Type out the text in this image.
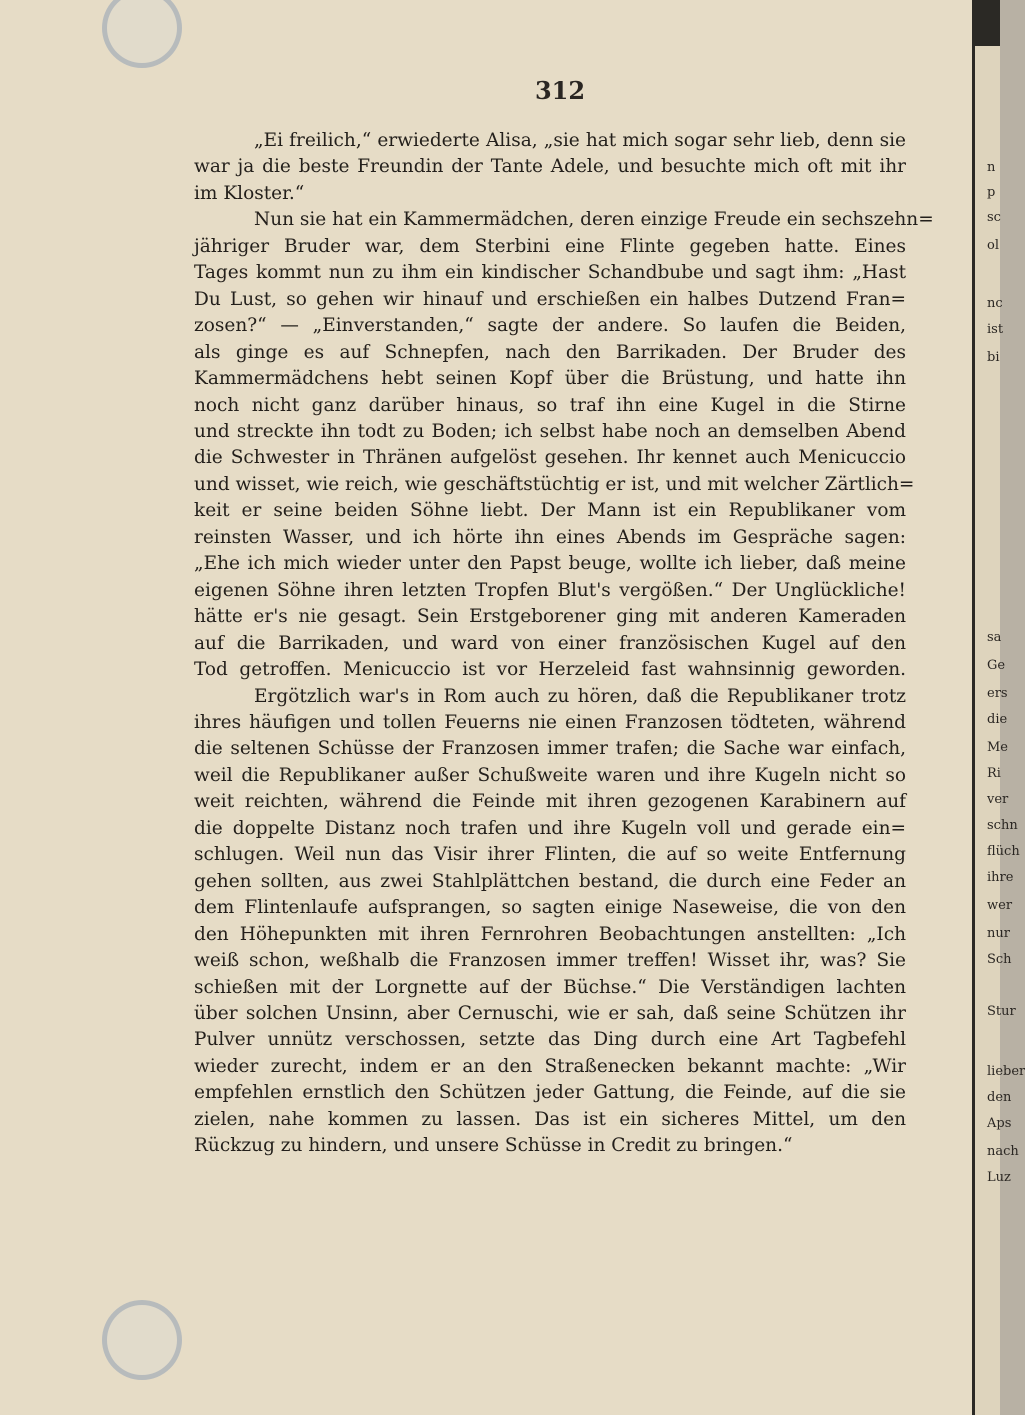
312
„Ei freilich,“ erwiederte Alisa, „sie hat mich sogar sehr lieb, denn sie
war ja die beste Freundin der Tante Adele, und besuchte mich oft mit ihr
im Kloster.“
Nun sie hat ein Kammermädchen, deren einzige Freude ein sechszehn=
jähriger Bruder war, dem Sterbini eine Flinte gegeben hatte. Eines
Tages kommt nun zu ihm ein kindischer Schandbube und sagt ihm: „Hast
Du Lust, so gehen wir hinauf und erschießen ein halbes Dutzend Fran=
zosen?“ — „Einverstanden,“ sagte der andere. So laufen die Beiden,
als ginge es auf Schnepfen, nach den Barrikaden. Der Bruder des
Kammermädchens hebt seinen Kopf über die Brüstung, und hatte ihn
noch nicht ganz darüber hinaus, so traf ihn eine Kugel in die Stirne
und streckte ihn todt zu Boden; ich selbst habe noch an demselben Abend
die Schwester in Thränen aufgelöst gesehen. Ihr kennet auch Menicuccio
und wisset, wie reich, wie geschäftstüchtig er ist, und mit welcher Zärtlich=
keit er seine beiden Söhne liebt. Der Mann ist ein Republikaner vom
reinsten Wasser, und ich hörte ihn eines Abends im Gespräche sagen:
„Ehe ich mich wieder unter den Papst beuge, wollte ich lieber, daß meine
eigenen Söhne ihren letzten Tropfen Blut's vergößen.“ Der Unglückliche!
hätte er's nie gesagt. Sein Erstgeborener ging mit anderen Kameraden
auf die Barrikaden, und ward von einer französischen Kugel auf den
Tod getroffen. Menicuccio ist vor Herzeleid fast wahnsinnig geworden.
Ergötzlich war's in Rom auch zu hören, daß die Republikaner trotz
ihres häufigen und tollen Feuerns nie einen Franzosen tödteten, während
die seltenen Schüsse der Franzosen immer trafen; die Sache war einfach,
weil die Republikaner außer Schußweite waren und ihre Kugeln nicht so
weit reichten, während die Feinde mit ihren gezogenen Karabinern auf
die doppelte Distanz noch trafen und ihre Kugeln voll und gerade ein=
schlugen. Weil nun das Visir ihrer Flinten, die auf so weite Entfernung
gehen sollten, aus zwei Stahlplättchen bestand, die durch eine Feder an
dem Flintenlaufe aufsprangen, so sagten einige Naseweise, die von den
den Höhepunkten mit ihren Fernrohren Beobachtungen anstellten: „Ich
weiß schon, weßhalb die Franzosen immer treffen! Wisset ihr, was? Sie
schießen mit der Lorgnette auf der Büchse.“ Die Verständigen lachten
über solchen Unsinn, aber Cernuschi, wie er sah, daß seine Schützen ihr
Pulver unnütz verschossen, setzte das Ding durch eine Art Tagbefehl
wieder zurecht, indem er an den Straßenecken bekannt machte: „Wir
empfehlen ernstlich den Schützen jeder Gattung, die Feinde, auf die sie
zielen, nahe kommen zu lassen. Das ist ein sicheres Mittel, um den
Rückzug zu hindern, und unsere Schüsse in Credit zu bringen.“
n
p
sc
ol
nc
ist
bi
sa
Ge
ers
die
Me
Ri
ver
schn
flüch
ihre
wer
nur
Sch
Stur
lieber
den
Aps
nach
Luz
